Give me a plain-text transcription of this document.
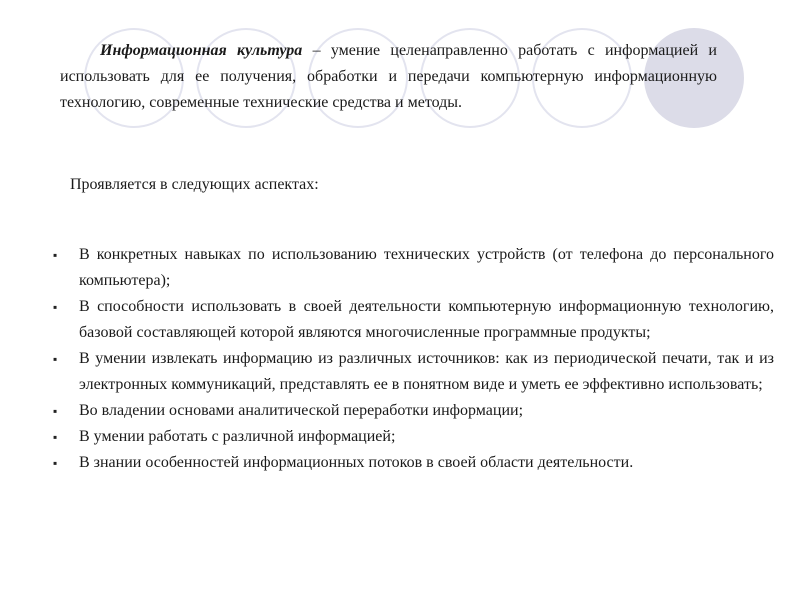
Информационная культура – умение целенаправленно работать с информацией и использовать для ее получения, обработки и передачи компьютерную информационную технологию, современные технические средства и методы.

Проявляется в следующих аспектах:

▪ В конкретных навыках по использованию технических устройств (от телефона до персонального компьютера);
▪ В способности использовать в своей деятельности компьютерную информационную технологию, базовой составляющей которой являются многочисленные программные продукты;
▪ В умении извлекать информацию из различных источников: как из периодической печати, так и из электронных коммуникаций, представлять ее в понятном виде и уметь ее эффективно использовать;
▪ Во владении основами аналитической переработки информации;
▪ В умении работать с различной информацией;
▪ В знании особенностей информационных потоков в своей области деятельности.
